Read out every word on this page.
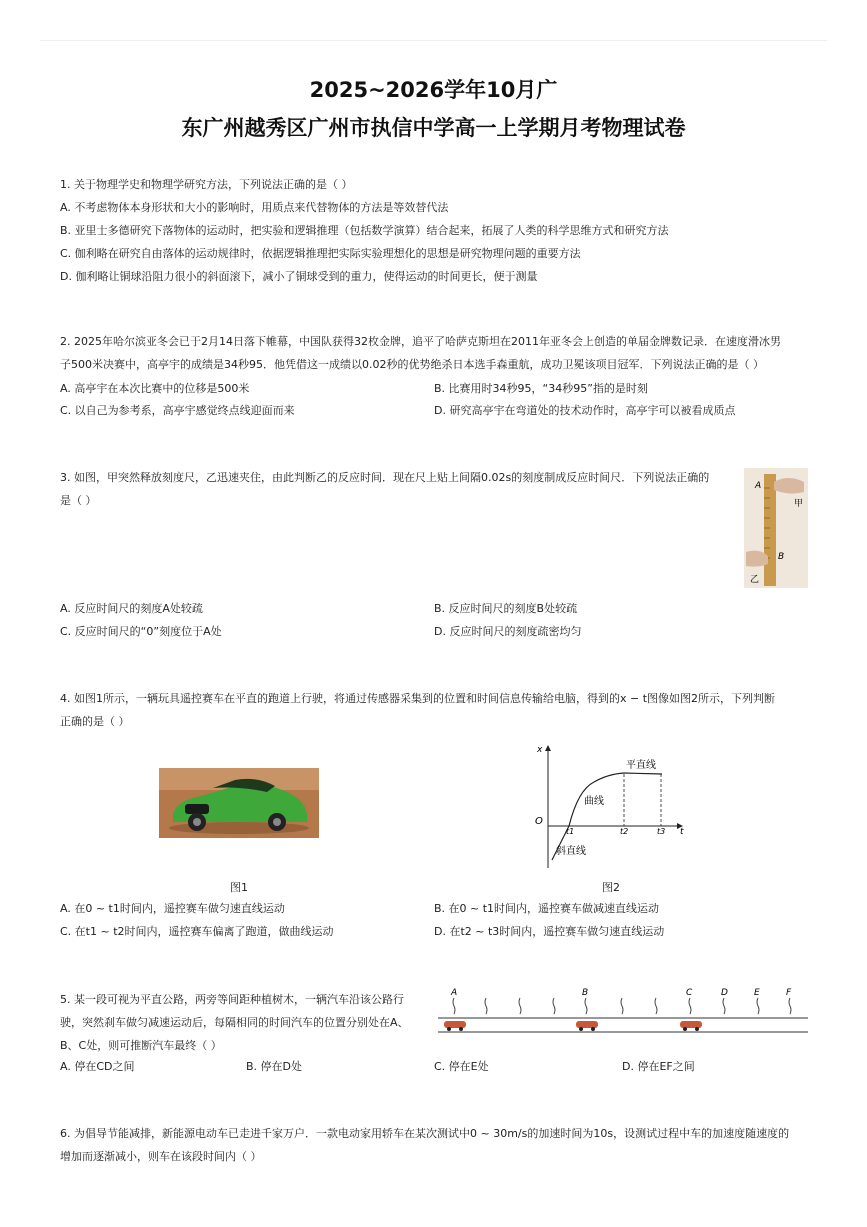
2025~2026学年10月广
东广州越秀区广州市执信中学高一上学期月考物理试卷
1. 关于物理学史和物理学研究方法，下列说法正确的是（ ）
A. 不考虑物体本身形状和大小的影响时，用质点来代替物体的方法是等效替代法
B. 亚里士多德研究下落物体的运动时，把实验和逻辑推理（包括数学演算）结合起来，拓展了人类的科学思维方式和研究方法
C. 伽利略在研究自由落体的运动规律时，依据逻辑推理把实际实验理想化的思想是研究物理问题的重要方法
D. 伽利略让铜球沿阻力很小的斜面滚下，减小了铜球受到的重力，使得运动的时间更长，便于测量
2. 2025年哈尔滨亚冬会已于2月14日落下帷幕，中国队获得32枚金牌，追平了哈萨克斯坦在2011年亚冬会上创造的单届金牌数记录．在速度滑冰男
子500米决赛中，高亭宇的成绩是34秒95．他凭借这一成绩以0.02秒的优势绝杀日本选手森重航，成功卫冕该项目冠军．下列说法正确的是（ ）
A. 高亭宇在本次比赛中的位移是500米	B. 比赛用时34秒95，“34秒95”指的是时刻
C. 以自己为参考系，高亭宇感觉终点线迎面而来	D. 研究高亭宇在弯道处的技术动作时，高亭宇可以被看成质点
3. 如图，甲突然释放刻度尺，乙迅速夹住，由此判断乙的反应时间．现在尺上贴上间隔0.02s的刻度制成反应时间尺．下列说法正确的
是（ ）
A
B
甲
乙
A. 反应时间尺的刻度A处较疏	B. 反应时间尺的刻度B处较疏
C. 反应时间尺的“0”刻度位于A处	D. 反应时间尺的刻度疏密均匀
4. 如图1所示，一辆玩具遥控赛车在平直的跑道上行驶，将通过传感器采集到的位置和时间信息传输给电脑，得到的x − t图像如图2所示，下列判断
正确的是（ ）
图1
x
t
O
t1	t2	t3
平直线
曲线
斜直线
图2
A. 在0 ~ t1时间内，遥控赛车做匀速直线运动	B. 在0 ~ t1时间内，遥控赛车做减速直线运动
C. 在t1 ~ t2时间内，遥控赛车偏离了跑道，做曲线运动	D. 在t2 ~ t3时间内，遥控赛车做匀速直线运动
5. 某一段可视为平直公路，两旁等间距种植树木，一辆汽车沿该公路行
驶，突然刹车做匀减速运动后，每隔相同的时间汽车的位置分别处在A、
B、C处，则可推断汽车最终（ ）
A	B	C	D	E	F
A. 停在CD之间	B. 停在D处	C. 停在E处	D. 停在EF之间
6. 为倡导节能减排，新能源电动车已走进千家万户．一款电动家用轿车在某次测试中0 ~ 30m/s的加速时间为10s，设测试过程中车的加速度随速度的
增加而逐渐减小，则车在该段时间内（ ）
